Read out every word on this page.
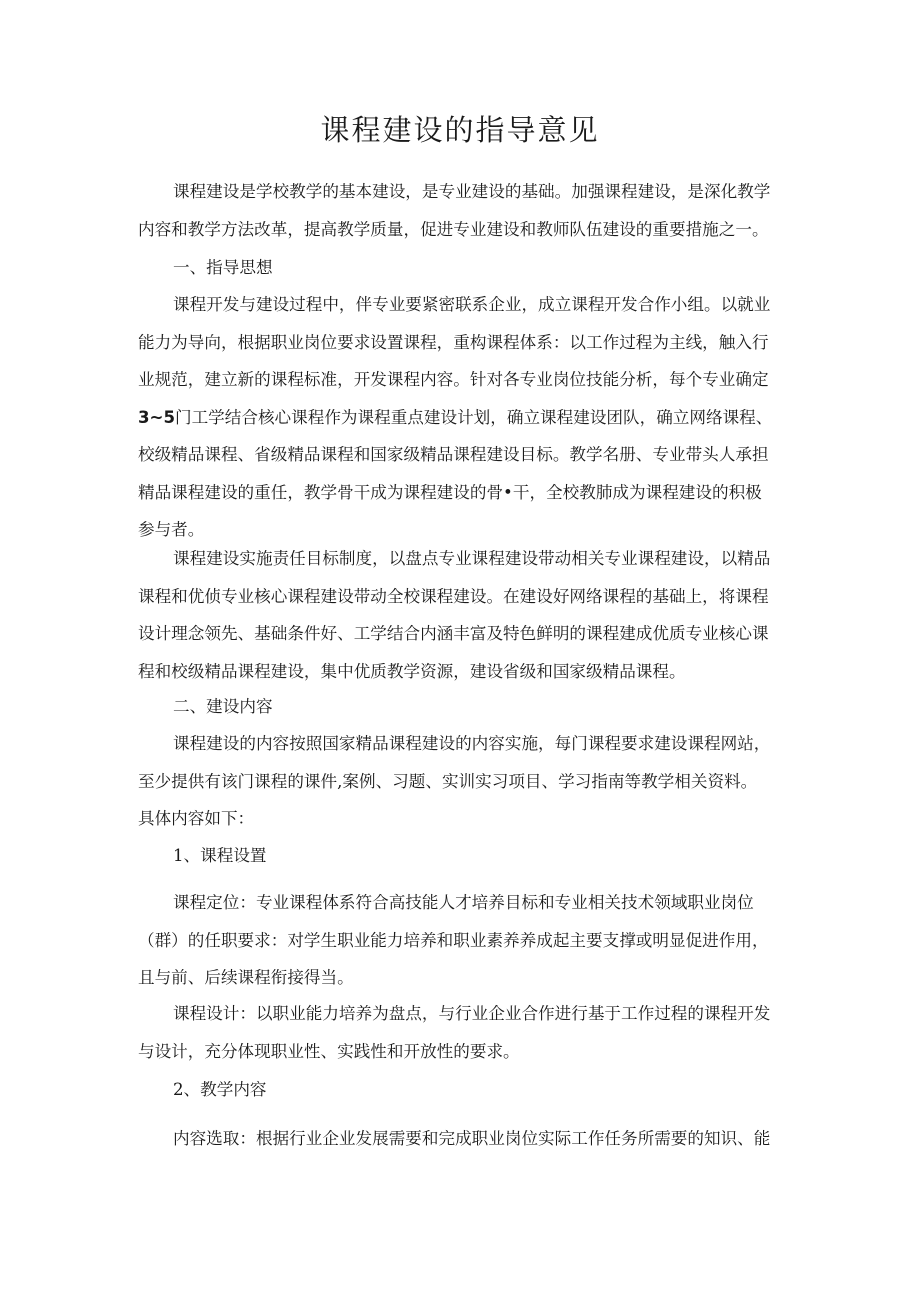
课程建设的指导意见
课程建设是学校教学的基本建设，是专业建设的基础。加强课程建设，是深化教学
内容和教学方法改革，提高教学质量，促进专业建设和教师队伍建设的重要措施之一。
一、指导思想
课程开发与建设过程中，伴专业要紧密联系企业，成立课程开发合作小组。以就业
能力为导向，根据职业岗位要求设置课程，重构课程体系：以工作过程为主线，触入行
业规范，建立新的课程标准，开发课程内容。针对各专业岗位技能分析，每个专业确定
3~5门工学结合核心课程作为课程重点建设计划，确立课程建设团队，确立网络课程、
校级精品课程、省级精品课程和国家级精品课程建设目标。教学名册、专业带头人承担
精品课程建设的重任，教学骨干成为课程建设的骨•干，全校教肺成为课程建设的积极
参与者。
课程建设实施责任目标制度，以盘点专业课程建设带动相关专业课程建设，以精品
课程和优侦专业核心课程建设带动全校课程建设。在建设好网络课程的基础上，将课程
设计理念领先、基础条件好、工学结合内涵丰富及特色鲜明的课程建成优质专业核心课
程和校级精品课程建设，集中优质教学资源，建设省级和国家级精品课程。
二、建设内容
课程建设的内容按照国家精品课程建设的内容实施，每门课程要求建设课程网站，
至少提供有该门课程的课件,案例、习题、实训实习项目、学习指南等教学相关资料。
具体内容如下：
1、课程设置
课程定位：专业课程体系符合高技能人才培养目标和专业相关技术领域职业岗位
（群）的任职要求：对学生职业能力培养和职业素养养成起主要支撑或明显促进作用，
且与前、后续课程衔接得当。
课程设计：以职业能力培养为盘点，与行业企业合作进行基于工作过程的课程开发
与设计，充分体现职业性、实践性和开放性的要求。
2、教学内容
内容选取：根据行业企业发展需要和完成职业岗位实际工作任务所需要的知识、能
